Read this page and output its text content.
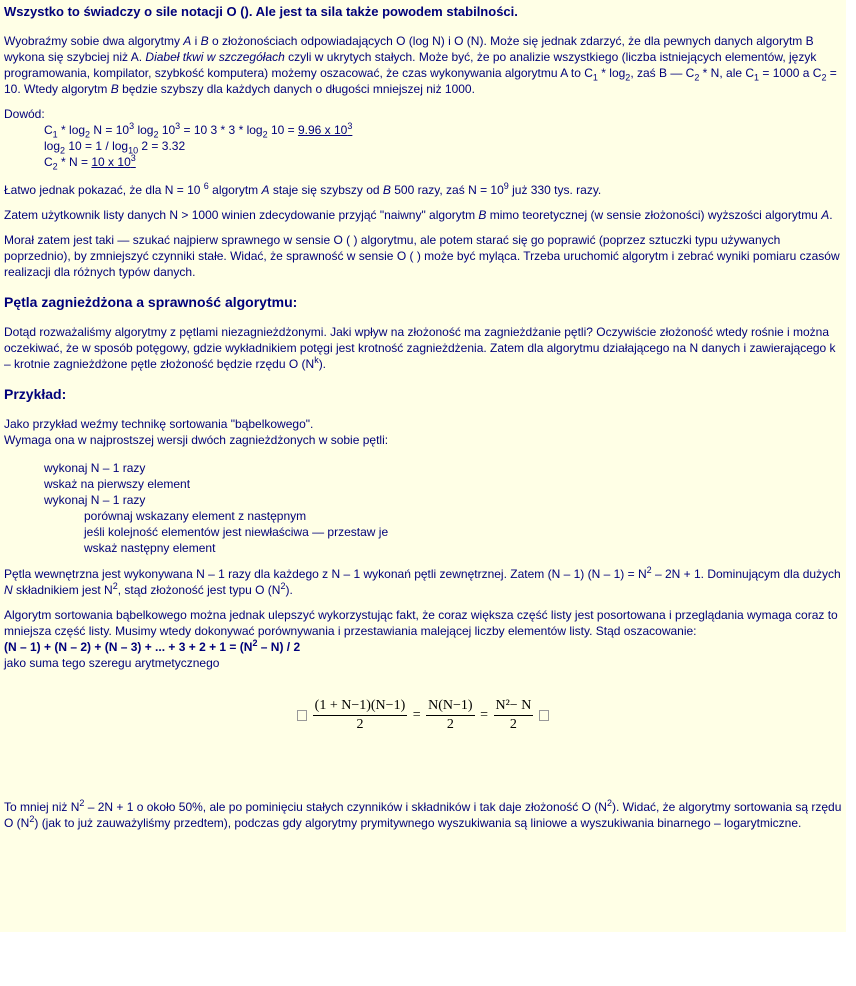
Wszystko to świadczy o sile notacji O (). Ale jest ta sila także powodem stabilności.

Wyobraźmy sobie dwa algorytmy A i B o złożonościach odpowiadających O (log N) i O (N). Może się jednak zdarzyć, że dla pewnych danych algorytm B wykona się szybciej niż A. Diabeł tkwi w szczegółach czyli w ukrytych stałych. Może być, że po analizie wszystkiego (liczba istniejących elementów, język programowania, kompilator, szybkość komputera) możemy oszacować, że czas wykonywania algorytmu A to $C_1 * \log_2$, zaś B — $C_2$ * N, ale $C_1 = 1000$ a $C_2 = 10$. Wtedy algorytm B będzie szybszy dla każdych danych o długości mniejszej niż 1000.

Dowód:
$C_1 * \log_2 N = 10^3$ $\log_2 10^3 = 10$ $3 * 3 * \log_2 10 = 9.96$ x $10^3$
$\log_2 10 = 1 / \log_{10} 2 = 3.32$
$C_2 * N = 10$ x $10^3$

Łatwo jednak pokazać, że dla N = 10 $^6$ algorytm A staje się szybszy od B 500 razy, zaś $N = 10^9$ już 330 tys. razy.

Zatem użytkownik listy danych N > 1000 winien zdecydowanie przyjąć "naiwny" algorytm B mimo teoretycznej (w sensie złożoności) wyższości algorytmu A.

Morał zatem jest taki — szukać najpierw sprawnego w sensie O ( ) algorytmu, ale potem starać się go poprawić (poprzez sztuczki typu używanych poprzednio), by zmniejszyć czynniki stałe. Widać, że sprawność w sensie O ( ) może być myląca. Trzeba uruchomić algorytm i zebrać wyniki pomiaru czasów realizacji dla różnych typów danych.

Pętla zagnieżdżona a sprawność algorytmu:

Dotąd rozważaliśmy algorytmy z pętlami niezagnieżdżonymi. Jaki wpływ na złożoność ma zagnieżdżanie pętli? Oczywiście złożoność wtedy rośnie i można oczekiwać, że w sposób potęgowy, gdzie wykładnikiem potęgi jest krotność zagnieżdżenia. Zatem dla algorytmu działającego na N danych i zawierającego k – krotnie zagnieżdżone pętle złożoność będzie rzędu O $(N^k)$.

Przykład:
Jako przykład weźmy technikę sortowania "bąbelkowego".
Wymaga ona w najprostszej wersji dwóch zagnieżdżonych w sobie pętli:
wykonaj N – 1 razy
wskaż na pierwszy element
wykonaj N – 1 razy
porównaj wskazany element z następnym
jeśli kolejność elementów jest niewłaściwa — przestaw je
wskaż następny element

Pętla wewnętrzna jest wykonywana N – 1 razy dla każdego z N – 1 wykonań pętli zewnętrznej. Zatem (N – 1) $(N - 1) = N^2 - 2N + 1$. Dominującym dla dużych N składnikiem jest $N^2$, stąd złożoność jest typu O $(N^2)$.

Algorytm sortowania bąbelkowego można jednak ulepszyć wykorzystując fakt, że coraz większa część listy jest posortowana i przeglądania wymaga coraz to mniejsza część listy. Musimy wtedy dokonywać porównywania i przestawiania malejącej liczby elementów listy. Stąd oszacowanie:
(N – 1) + (N – 2) + (N – 3) + ... + $3 + 2 + 1 = (N^2 - N) / 2$
jako suma tego szeregu arytmetycznego

$\frac{(1 + N-1)(N-1)}{2} = \frac{N(N-1)}{2} = \frac{\text{N²− N}}{2}$

To mniej niż $N^2 - 2N + 1$ o około 50%, ale po pominięciu stałych czynników i składników i tak daje złożoność O $(N^2)$. Widać, że algorytmy sortowania są rzędu O $(N^2)$ (jak to już zauważyliśmy przedtem), podczas gdy algorytmy prymitywnego wyszukiwania są liniowe a wyszukiwania binarnego – logarytmiczne.
